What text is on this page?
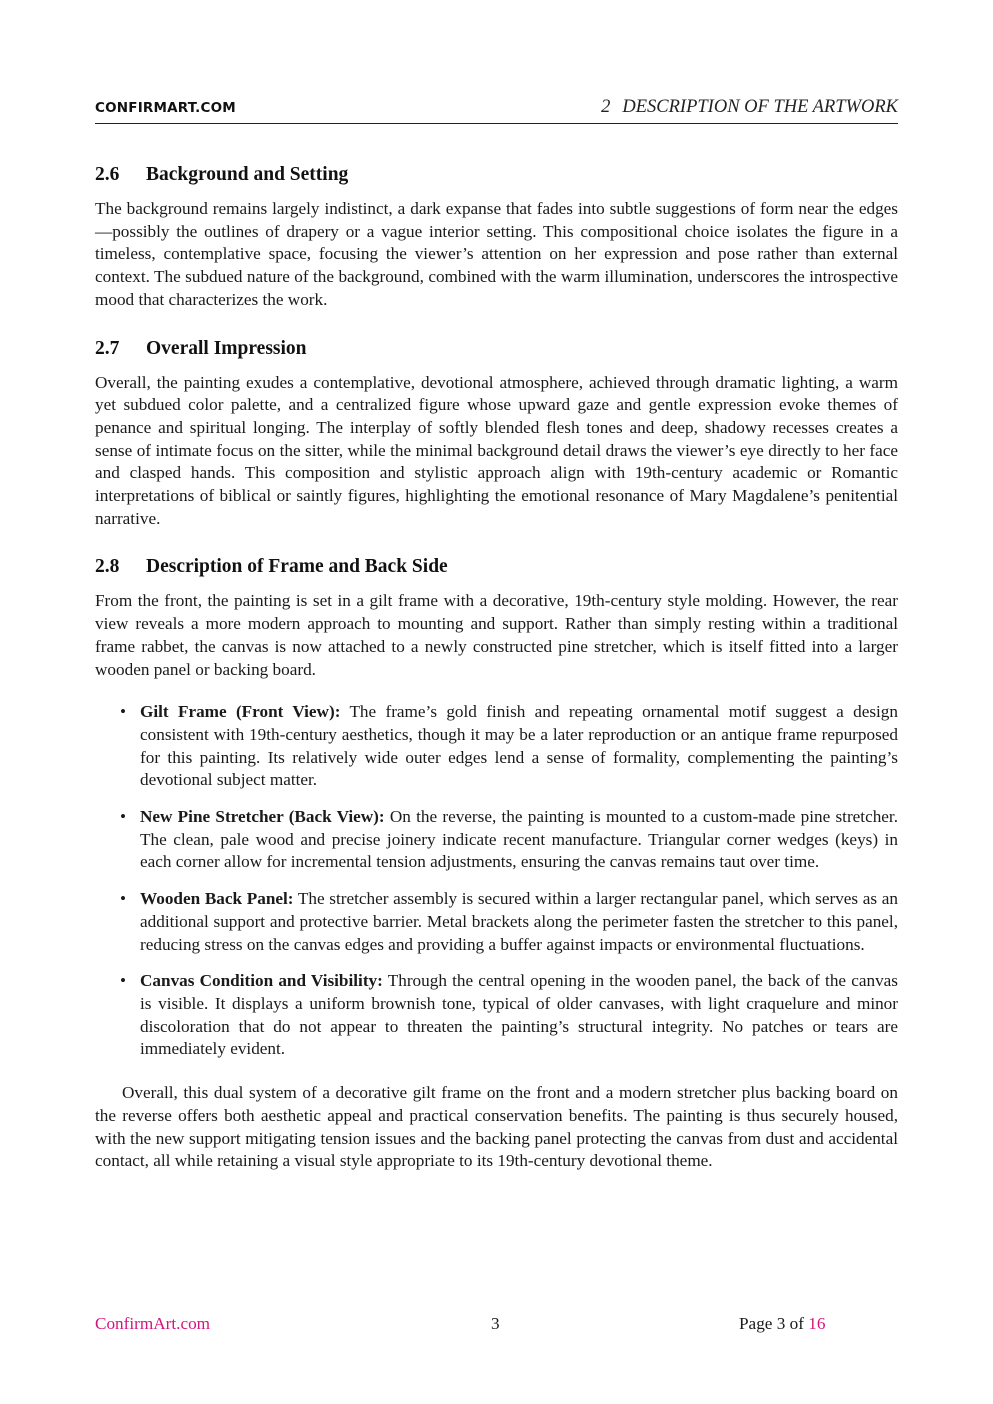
CONFIRMART.COM	2 DESCRIPTION OF THE ARTWORK
2.6 Background and Setting

The background remains largely indistinct, a dark expanse that fades into subtle suggestions of form near the edges—possibly the outlines of drapery or a vague interior setting. This compositional choice isolates the figure in a timeless, contemplative space, focusing the viewer’s attention on her expression and pose rather than external context. The subdued nature of the background, combined with the warm illumination, underscores the introspective mood that characterizes the work.

2.7 Overall Impression

Overall, the painting exudes a contemplative, devotional atmosphere, achieved through dramatic lighting, a warm yet subdued color palette, and a centralized figure whose upward gaze and gentle expression evoke themes of penance and spiritual longing. The interplay of softly blended flesh tones and deep, shadowy recesses creates a sense of intimate focus on the sitter, while the minimal background detail draws the viewer’s eye directly to her face and clasped hands. This composition and stylistic approach align with 19th-century academic or Romantic interpretations of biblical or saintly figures, highlighting the emotional resonance of Mary Magdalene’s penitential narrative.

2.8 Description of Frame and Back Side

From the front, the painting is set in a gilt frame with a decorative, 19th-century style molding. However, the rear view reveals a more modern approach to mounting and support. Rather than simply resting within a traditional frame rabbet, the canvas is now attached to a newly constructed pine stretcher, which is itself fitted into a larger wooden panel or backing board.

• Gilt Frame (Front View): The frame’s gold finish and repeating ornamental motif suggest a design consistent with 19th-century aesthetics, though it may be a later reproduction or an antique frame repurposed for this painting. Its relatively wide outer edges lend a sense of formality, complementing the painting’s devotional subject matter.
• New Pine Stretcher (Back View): On the reverse, the painting is mounted to a custom-made pine stretcher. The clean, pale wood and precise joinery indicate recent manufacture. Triangular corner wedges (keys) in each corner allow for incremental tension adjustments, ensuring the canvas remains taut over time.
• Wooden Back Panel: The stretcher assembly is secured within a larger rectangular panel, which serves as an additional support and protective barrier. Metal brackets along the perimeter fasten the stretcher to this panel, reducing stress on the canvas edges and providing a buffer against impacts or environmental fluctuations.
• Canvas Condition and Visibility: Through the central opening in the wooden panel, the back of the canvas is visible. It displays a uniform brownish tone, typical of older canvases, with light craquelure and minor discoloration that do not appear to threaten the painting’s structural integrity. No patches or tears are immediately evident.

Overall, this dual system of a decorative gilt frame on the front and a modern stretcher plus backing board on the reverse offers both aesthetic appeal and practical conservation benefits. The painting is thus securely housed, with the new support mitigating tension issues and the backing panel protecting the canvas from dust and accidental contact, all while retaining a visual style appropriate to its 19th-century devotional theme.

ConfirmArt.com	3	Page 3 of 16
